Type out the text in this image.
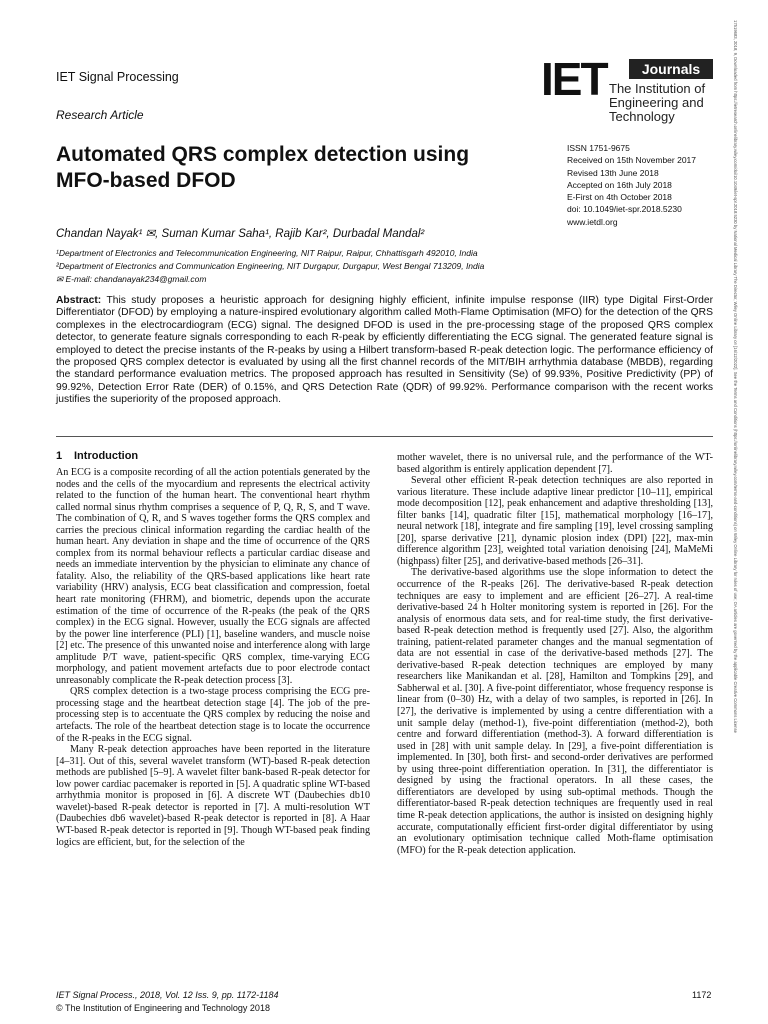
IET Signal Processing
Research Article
IET	Journals
The Institution of
Engineering and Technology
Automated QRS complex detection using MFO-based DFOD
ISSN 1751-9675
Received on 15th November 2017
Revised 13th June 2018
Accepted on 16th July 2018
E-First on 4th October 2018
doi: 10.1049/iet-spr.2018.5230
www.ietdl.org
Chandan Nayak¹ ✉, Suman Kumar Saha¹, Rajib Kar², Durbadal Mandal²
¹Department of Electronics and Telecommunication Engineering, NIT Raipur, Raipur, Chhattisgarh 492010, India
²Department of Electronics and Communication Engineering, NIT Durgapur, Durgapur, West Bengal 713209, India
✉ E-mail: chandanayak234@gmail.com
Abstract: This study proposes a heuristic approach for designing highly efficient, infinite impulse response (IIR) type Digital First-Order Differentiator (DFOD) by employing a nature-inspired evolutionary algorithm called Moth-Flame Optimisation (MFO) for the detection of the QRS complexes in the electrocardiogram (ECG) signal. The designed DFOD is used in the pre-processing stage of the proposed QRS complex detector, to generate feature signals corresponding to each R-peak by efficiently differentiating the ECG signal. The generated feature signal is employed to detect the precise instants of the R-peaks by using a Hilbert transform-based R-peak detection logic. The performance efficiency of the proposed QRS complex detector is evaluated by using all the first channel records of the MIT/BIH arrhythmia database (MBDB), regarding the standard performance evaluation metrics. The proposed approach has resulted in Sensitivity (Se) of 99.93%, Positive Predictivity (PP) of 99.92%, Detection Error Rate (DER) of 0.15%, and QRS Detection Rate (QDR) of 99.92%. Performance comparison with the recent works justifies the superiority of the proposed approach.
1 Introduction

An ECG is a composite recording of all the action potentials generated by the nodes and the cells of the myocardium and represents the electrical activity related to the function of the human heart. The conventional heart rhythm called normal sinus rhythm comprises a sequence of P, Q, R, S, and T wave. The combination of Q, R, and S waves together forms the QRS complex and carries the precious clinical information regarding the cardiac health of the human heart. Any deviation in shape and the time of occurrence of the QRS complex from its normal behaviour reflects a particular cardiac disease and needs an immediate intervention by the physician to eliminate any chance of fatality. Also, the reliability of the QRS-based applications like heart rate variability (HRV) analysis, ECG beat classification and compression, foetal heart rate monitoring (FHRM), and biometric, depends upon the accurate estimation of the time of occurrence of the R-peaks (the peak of the QRS complex) in the ECG signal. However, usually the ECG signals are affected by the power line interference (PLI) [1], baseline wanders, and muscle noise [2] etc. The presence of this unwanted noise and interference along with large amplitude P/T wave, patient-specific QRS complex, time-varying ECG morphology, and patient movement artefacts due to poor electrode contact unreasonably complicate the R-peak detection process [3].

QRS complex detection is a two-stage process comprising the ECG pre-processing stage and the heartbeat detection stage [4]. The job of the pre-processing step is to accentuate the QRS complex by reducing the noise and artefacts. The role of the heartbeat detection stage is to locate the occurrence of the R-peaks in the ECG signal.

Many R-peak detection approaches have been reported in the literature [4–31]. Out of this, several wavelet transform (WT)-based R-peak detection methods are published [5–9]. A wavelet filter bank-based R-peak detector for low power cardiac pacemaker is reported in [5]. A quadratic spline WT-based arrhythmia monitor is proposed in [6]. A discrete WT (Daubechies db10 wavelet)-based R-peak detector is reported in [7]. A multi-resolution WT (Daubechies db6 wavelet)-based R-peak detector is reported in [8]. A Haar WT-based R-peak detector is reported in [9]. Though WT-based peak finding logics are efficient, but, for the selection of the

mother wavelet, there is no universal rule, and the performance of the WT-based algorithm is entirely application dependent [7].

Several other efficient R-peak detection techniques are also reported in various literature. These include adaptive linear predictor [10–11], empirical mode decomposition [12], peak enhancement and adaptive thresholding [13], filter banks [14], quadratic filter [15], mathematical morphology [16–17], neural network [18], integrate and fire sampling [19], level crossing sampling [20], sparse derivative [21], dynamic plosion index (DPI) [22], max-min difference algorithm [23], weighted total variation denoising [24], MaMeMi (highpass) filter [25], and derivative-based methods [26–31].

The derivative-based algorithms use the slope information to detect the occurrence of the R-peaks [26]. The derivative-based R-peak detection techniques are easy to implement and are efficient [26–27]. A real-time derivative-based 24 h Holter monitoring system is reported in [26]. For the analysis of enormous data sets, and for real-time study, the first derivative-based R-peak detection method is frequently used [27]. Also, the algorithm training, patient-related parameter changes and the manual segmentation of data are not essential in case of the derivative-based methods [27]. The derivative-based R-peak detection techniques are employed by many researchers like Manikandan et al. [28], Hamilton and Tompkins [29], and Sabherwal et al. [30]. A five-point differentiator, whose frequency response is linear from (0–30) Hz, with a delay of two samples, is reported in [26]. In [27], the derivative is implemented by using a centre differentiation with a unit sample delay (method-1), five-point differentiation (method-2), both centre and forward differentiation (method-3). A forward differentiation is used in [28] with unit sample delay. In [29], a five-point differentiation is implemented. In [30], both first- and second-order derivatives are performed by using three-point differentiation operation. In [31], the differentiator is designed by using the fractional operators. In all these cases, the differentiators are developed by using sub-optimal methods. Though the differentiator-based R-peak detection techniques are frequently used in real time R-peak detection applications, the author is insisted on designing highly accurate, computationally efficient first-order digital differentiator by using an evolutionary optimisation technique called Moth-flame optimisation (MFO) for the R-peak detection application.

IET Signal Process., 2018, Vol. 12 Iss. 9, pp. 1172-1184
© The Institution of Engineering and Technology 2018
1172
17519683, 2018, 9, Downloaded from https://ietresearch.onlinelibrary.wiley.com/doi/10.1049/iet-spr.2018.5230 by National Medical Library The Director, Wiley Online Library on [16/12/2022]. See the Terms and Conditions (https://onlinelibrary.wiley.com/terms-and-conditions) on Wiley Online Library for rules of use; OA articles are governed by the applicable Creative Commons License
